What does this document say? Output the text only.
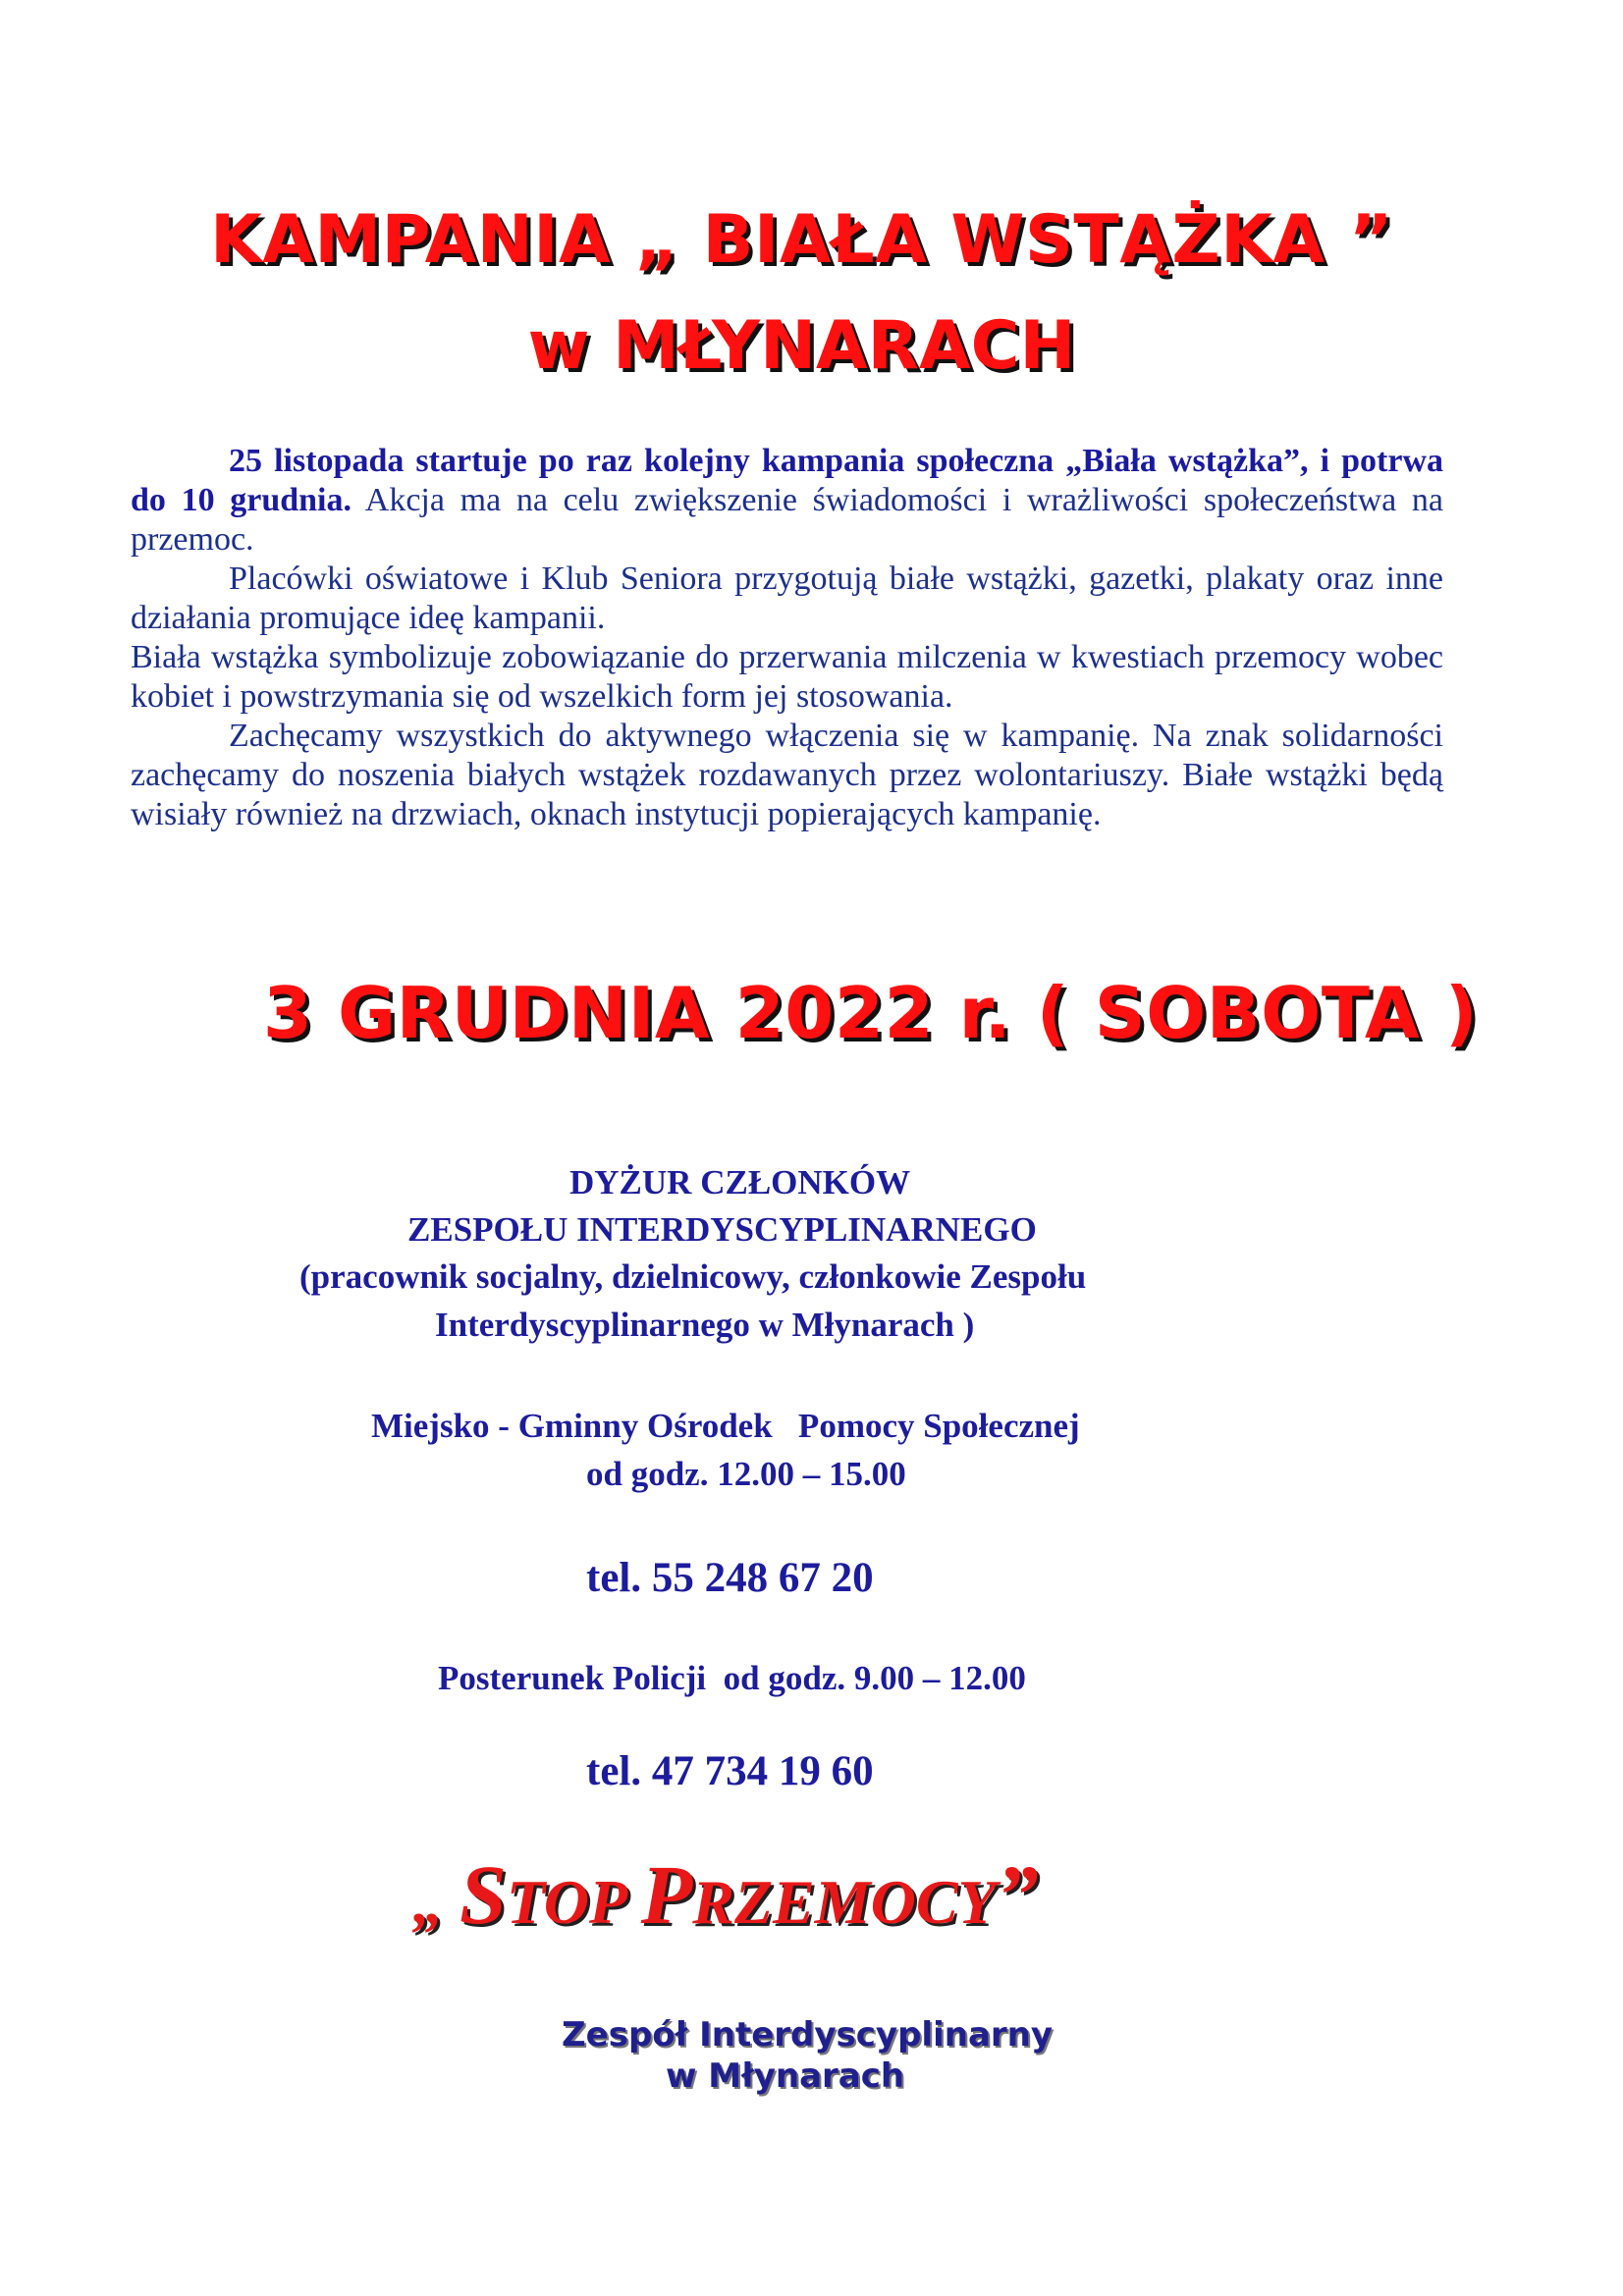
KAMPANIA „ BIAŁA WSTĄŻKA ”
w MŁYNARACH

25 listopada startuje po raz kolejny kampania społeczna „Biała wstążka”, i potrwa do 10 grudnia. Akcja ma na celu zwiększenie świadomości i wrażliwości społeczeństwa na przemoc.

Placówki oświatowe i Klub Seniora przygotują białe wstążki, gazetki, plakaty oraz inne działania promujące ideę kampanii.

Biała wstążka symbolizuje zobowiązanie do przerwania milczenia w kwestiach przemocy wobec kobiet i powstrzymania się od wszelkich form jej stosowania.

Zachęcamy wszystkich do aktywnego włączenia się w kampanię. Na znak solidarności zachęcamy do noszenia białych wstążek rozdawanych przez wolontariuszy. Białe wstążki będą wisiały również na drzwiach, oknach instytucji popierających kampanię.

3 GRUDNIA 2022 r. ( SOBOTA )

DYŻUR CZŁONKÓW

ZESPOŁU INTERDYSCYPLINARNEGO

(pracownik socjalny, dzielnicowy, członkowie Zespołu

Interdyscyplinarnego w Młynarach )

Miejsko - Gminny Ośrodek   Pomocy Społecznej

od godz. 12.00 – 15.00

tel. 55 248 67 20

Posterunek Policji  od godz. 9.00 – 12.00

tel. 47 734 19 60

„ STOP PRZEMOCY”

Zespół Interdyscyplinarny

w Młynarach
